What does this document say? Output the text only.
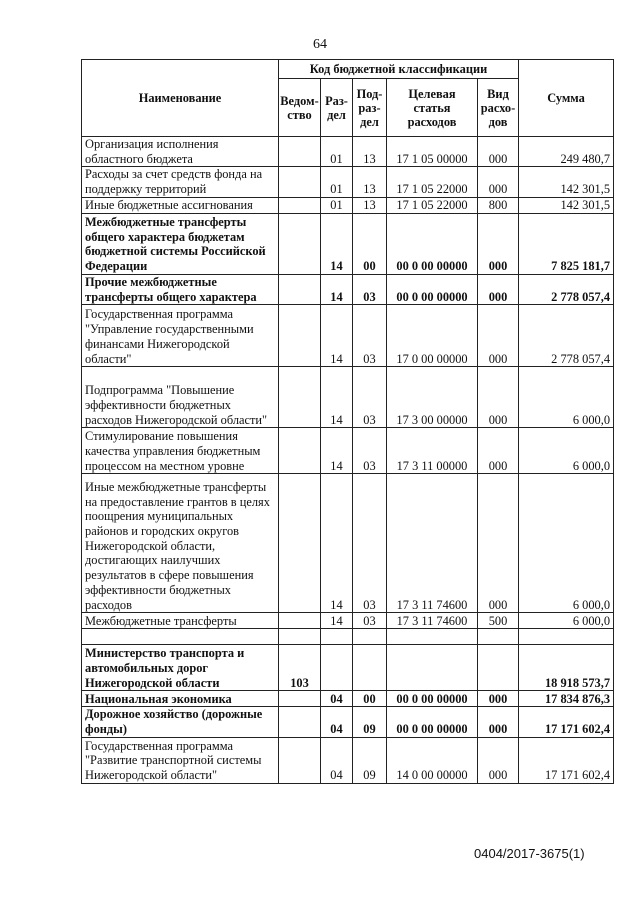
64
Наименование	Код бюджетной классификации					Сумма
	Ведом-ство	Раз-дел	Под-раз-дел	Целевая статья расходов	Вид расхо-дов	
Организация исполнения областного бюджета		01	13	17 1 05 00000	000	249 480,7
Расходы за счет средств фонда на поддержку территорий		01	13	17 1 05 22000	000	142 301,5
Иные бюджетные ассигнования		01	13	17 1 05 22000	800	142 301,5
Межбюджетные трансферты общего характера бюджетам бюджетной системы Российской Федерации		14	00	00 0 00 00000	000	7 825 181,7
Прочие межбюджетные трансферты общего характера		14	03	00 0 00 00000	000	2 778 057,4
Государственная программа "Управление государственными финансами Нижегородской области"		14	03	17 0 00 00000	000	2 778 057,4
Подпрограмма "Повышение эффективности бюджетных расходов Нижегородской области"		14	03	17 3 00 00000	000	6 000,0
Стимулирование повышения качества управления бюджетным процессом на местном уровне		14	03	17 3 11 00000	000	6 000,0
Иные межбюджетные трансферты на предоставление грантов в целях поощрения муниципальных районов и городских округов Нижегородской области, достигающих наилучших результатов в сфере повышения эффективности бюджетных расходов		14	03	17 3 11 74600	000	6 000,0
Межбюджетные трансферты		14	03	17 3 11 74600	500	6 000,0

Министерство транспорта и автомобильных дорог Нижегородской области	103					18 918 573,7
Национальная экономика		04	00	00 0 00 00000	000	17 834 876,3
Дорожное хозяйство (дорожные фонды)		04	09	00 0 00 00000	000	17 171 602,4
Государственная программа "Развитие транспортной системы Нижегородской области"		04	09	14 0 00 00000	000	17 171 602,4
0404/2017-3675(1)
